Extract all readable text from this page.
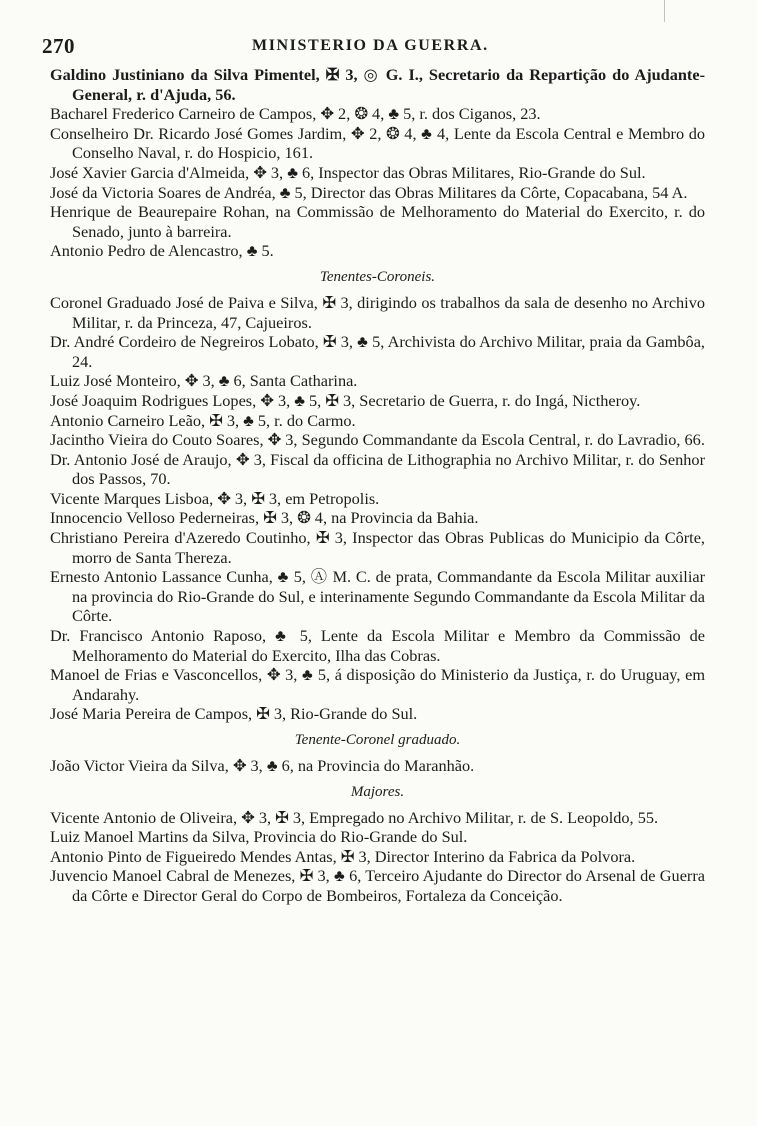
270	MINISTERIO DA GUERRA.

Galdino Justiniano da Silva Pimentel, ✠ 3, ◎ G. I., Secretario da Repartição do Ajudante-General, r. d'Ajuda, 56.

Bacharel Frederico Carneiro de Campos, ✥ 2, ❂ 4, ♣ 5, r. dos Ciganos, 23.

Conselheiro Dr. Ricardo José Gomes Jardim, ✥ 2, ❂ 4, ♣ 4, Lente da Escola Central e Membro do Conselho Naval, r. do Hospicio, 161.

José Xavier Garcia d'Almeida, ✥ 3, ♣ 6, Inspector das Obras Militares, Rio-Grande do Sul.

José da Victoria Soares de Andréa, ♣ 5, Director das Obras Militares da Côrte, Copacabana, 54 A.

Henrique de Beaurepaire Rohan, na Commissão de Melhoramento do Material do Exercito, r. do Senado, junto à barreira.

Antonio Pedro de Alencastro, ♣ 5.

Tenentes-Coroneis.

Coronel Graduado José de Paiva e Silva, ✠ 3, dirigindo os trabalhos da sala de desenho no Archivo Militar, r. da Princeza, 47, Cajueiros.

Dr. André Cordeiro de Negreiros Lobato, ✠ 3, ♣ 5, Archivista do Archivo Militar, praia da Gambôa, 24.

Luiz José Monteiro, ✥ 3, ♣ 6, Santa Catharina.

José Joaquim Rodrigues Lopes, ✥ 3, ♣ 5, ✠ 3, Secretario de Guerra, r. do Ingá, Nictheroy.

Antonio Carneiro Leão, ✠ 3, ♣ 5, r. do Carmo.

Jacintho Vieira do Couto Soares, ✥ 3, Segundo Commandante da Escola Central, r. do Lavradio, 66.

Dr. Antonio José de Araujo, ✥ 3, Fiscal da officina de Lithographia no Archivo Militar, r. do Senhor dos Passos, 70.

Vicente Marques Lisboa, ✥ 3, ✠ 3, em Petropolis.

Innocencio Velloso Pederneiras, ✠ 3, ❂ 4, na Provincia da Bahia.

Christiano Pereira d'Azeredo Coutinho, ✠ 3, Inspector das Obras Publicas do Municipio da Côrte, morro de Santa Thereza.

Ernesto Antonio Lassance Cunha, ♣ 5, Ⓐ M. C. de prata, Commandante da Escola Militar auxiliar na provincia do Rio-Grande do Sul, e interinamente Segundo Commandante da Escola Militar da Côrte.

Dr. Francisco Antonio Raposo, ♣ 5, Lente da Escola Militar e Membro da Commissão de Melhoramento do Material do Exercito, Ilha das Cobras.

Manoel de Frias e Vasconcellos, ✥ 3, ♣ 5, á disposição do Ministerio da Justiça, r. do Uruguay, em Andarahy.

José Maria Pereira de Campos, ✠ 3, Rio-Grande do Sul.

Tenente-Coronel graduado.

João Victor Vieira da Silva, ✥ 3, ♣ 6, na Provincia do Maranhão.

Majores.

Vicente Antonio de Oliveira, ✥ 3, ✠ 3, Empregado no Archivo Militar, r. de S. Leopoldo, 55.

Luiz Manoel Martins da Silva, Provincia do Rio-Grande do Sul.

Antonio Pinto de Figueiredo Mendes Antas, ✠ 3, Director Interino da Fabrica da Polvora.

Juvencio Manoel Cabral de Menezes, ✠ 3, ♣ 6, Terceiro Ajudante do Director do Arsenal de Guerra da Côrte e Director Geral do Corpo de Bombeiros, Fortaleza da Conceição.
